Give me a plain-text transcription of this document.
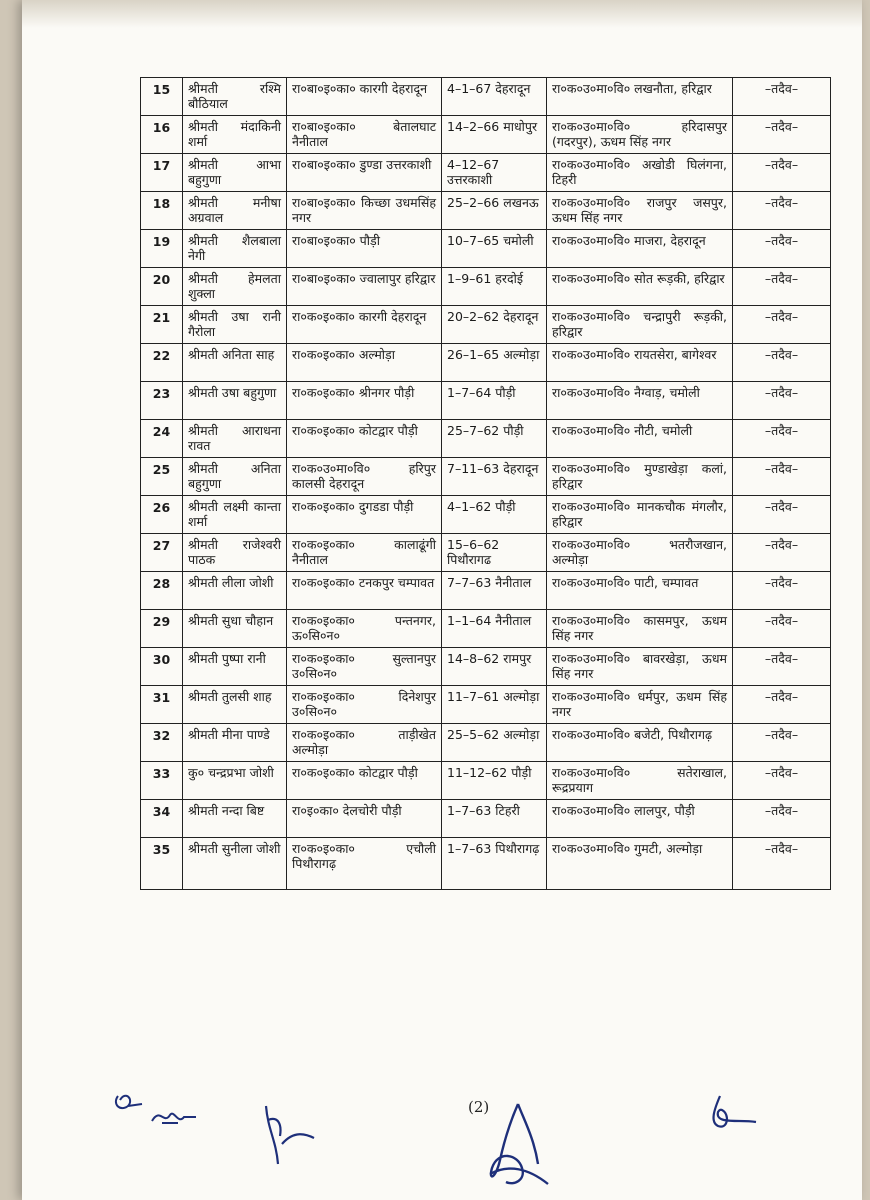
15	श्रीमती रश्मि बौठियाल	रा०बा०इ०का० कारगी देहरादून	4–1–67 देहरादून	रा०क०उ०मा०वि० लखनौता, हरिद्वार	–तदैव–
16	श्रीमती मंदाकिनी शर्मा	रा०बा०इ०का० बेतालघाट नैनीताल	14–2–66 माधोपुर	रा०क०उ०मा०वि० हरिदासपुर (गदरपुर), ऊधम सिंह नगर	–तदैव–
17	श्रीमती आभा बहुगुणा	रा०बा०इ०का० डुण्डा उत्तरकाशी	4–12–67 उत्तरकाशी	रा०क०उ०मा०वि० अखोडी घिलंगना, टिहरी	–तदैव–
18	श्रीमती मनीषा अग्रवाल	रा०बा०इ०का० किच्छा उधमसिंह नगर	25–2–66 लखनऊ	रा०क०उ०मा०वि० राजपुर जसपुर, ऊधम सिंह नगर	–तदैव–
19	श्रीमती शैलबाला नेगी	रा०बा०इ०का० पौड़ी	10–7–65 चमोली	रा०क०उ०मा०वि० माजरा, देहरादून	–तदैव–
20	श्रीमती हेमलता शुक्ला	रा०बा०इ०का० ज्वालापुर हरिद्वार	1–9–61 हरदोई	रा०क०उ०मा०वि० सोत रूड़की, हरिद्वार	–तदैव–
21	श्रीमती उषा रानी गैरोला	रा०क०इ०का० कारगी देहरादून	20–2–62 देहरादून	रा०क०उ०मा०वि० चन्द्रापुरी रूड़की, हरिद्वार	–तदैव–
22	श्रीमती अनिता साह	रा०क०इ०का० अल्मोड़ा	26–1–65 अल्मोड़ा	रा०क०उ०मा०वि० रायतसेरा, बागेश्वर	–तदैव–
23	श्रीमती उषा बहुगुणा	रा०क०इ०का० श्रीनगर पौड़ी	1–7–64 पौड़ी	रा०क०उ०मा०वि० नैग्वाड़, चमोली	–तदैव–
24	श्रीमती आराधना रावत	रा०क०इ०का० कोटद्वार पौड़ी	25–7–62 पौड़ी	रा०क०उ०मा०वि० नौटी, चमोली	–तदैव–
25	श्रीमती अनिता बहुगुणा	रा०क०उ०मा०वि० हरिपुर कालसी देहरादून	7–11–63 देहरादून	रा०क०उ०मा०वि० मुण्डाखेड़ा कलां, हरिद्वार	–तदैव–
26	श्रीमती लक्ष्मी कान्ता शर्मा	रा०क०इ०का० दुगडडा पौड़ी	4–1–62 पौड़ी	रा०क०उ०मा०वि० मानकचौक मंगलौर, हरिद्वार	–तदैव–
27	श्रीमती राजेश्वरी पाठक	रा०क०इ०का० कालाढूंगी नैनीताल	15–6–62 पिथौरागढ	रा०क०उ०मा०वि० भतरौजखान, अल्मोड़ा	–तदैव–
28	श्रीमती लीला जोशी	रा०क०इ०का० टनकपुर चम्पावत	7–7–63 नैनीताल	रा०क०उ०मा०वि० पाटी, चम्पावत	–तदैव–
29	श्रीमती सुधा चौहान	रा०क०इ०का० पन्तनगर, ऊ०सि०न०	1–1–64 नैनीताल	रा०क०उ०मा०वि० कासमपुर, ऊधम सिंह नगर	–तदैव–
30	श्रीमती पुष्पा रानी	रा०क०इ०का० सुल्तानपुर उ०सि०न०	14–8–62 रामपुर	रा०क०उ०मा०वि० बावरखेड़ा, ऊधम सिंह नगर	–तदैव–
31	श्रीमती तुलसी शाह	रा०क०इ०का० दिनेशपुर उ०सि०न०	11–7–61 अल्मोड़ा	रा०क०उ०मा०वि० धर्मपुर, ऊधम सिंह नगर	–तदैव–
32	श्रीमती मीना पाण्डे	रा०क०इ०का० ताड़ीखेत अल्मोड़ा	25–5–62 अल्मोड़ा	रा०क०उ०मा०वि० बजेटी, पिथौरागढ़	–तदैव–
33	कु० चन्द्रप्रभा जोशी	रा०क०इ०का० कोटद्वार पौड़ी	11–12–62 पौड़ी	रा०क०उ०मा०वि० सतेराखाल, रूद्रप्रयाग	–तदैव–
34	श्रीमती नन्दा बिष्ट	रा०इ०का० देलचोरी पौड़ी	1–7–63 टिहरी	रा०क०उ०मा०वि० लालपुर, पौड़ी	–तदैव–
35	श्रीमती सुनीला जोशी	रा०क०इ०का० एचौली पिथौरागढ़	1–7–63 पिथौरागढ़	रा०क०उ०मा०वि० गुमटी, अल्मोड़ा	–तदैव–
(2)
